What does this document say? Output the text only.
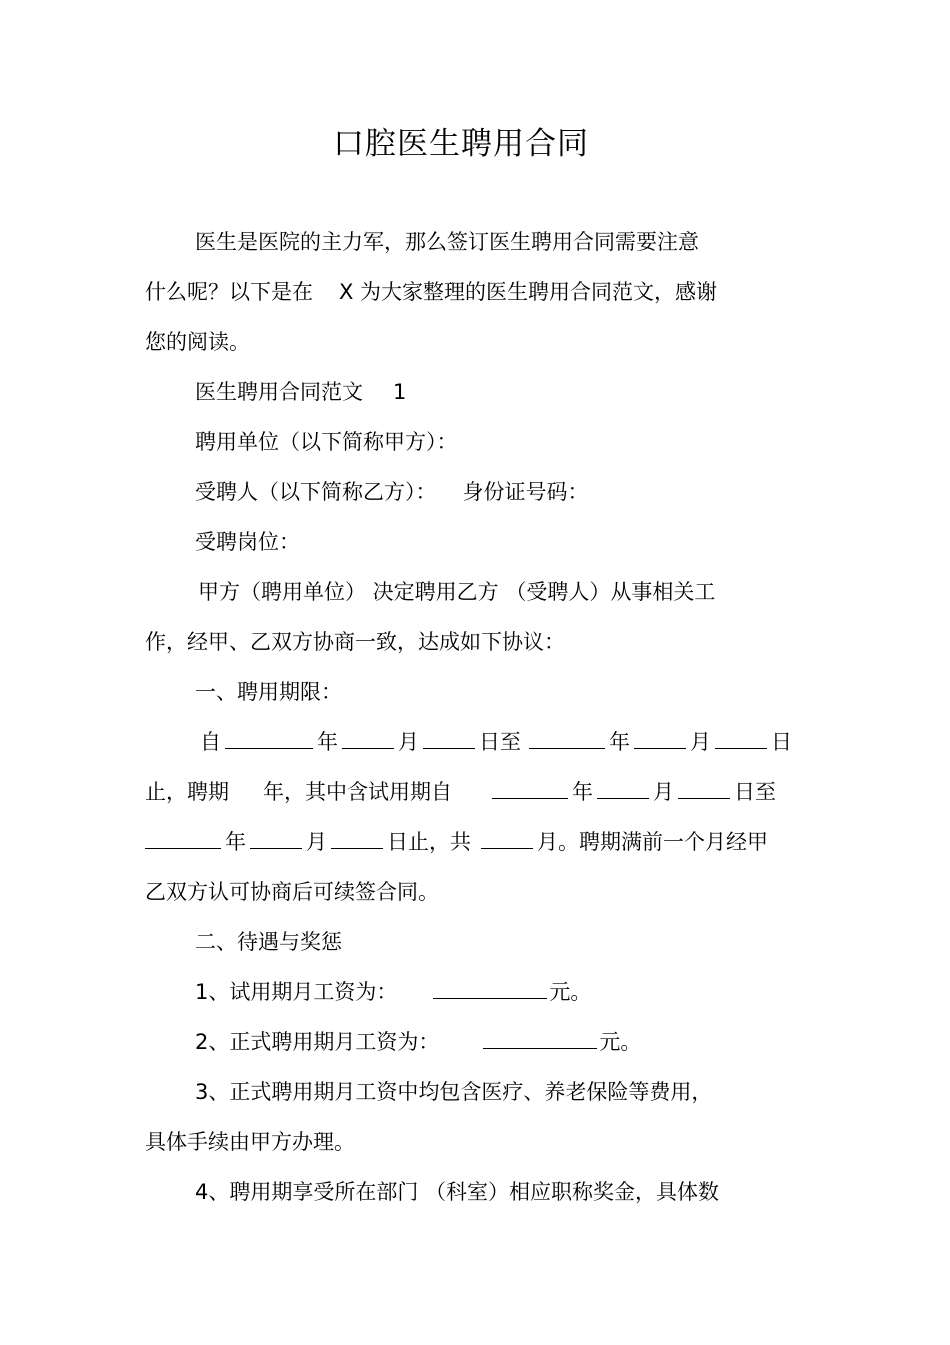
口腔医生聘用合同
医生是医院的主力军，那么签订医生聘用合同需要注意
什么呢？以下是在 X 为大家整理的医生聘用合同范文，感谢
您的阅读。
医生聘用合同范文 1
聘用单位（以下简称甲方）：
受聘人（以下简称乙方）： 身份证号码：
受聘岗位：
甲方（聘用单位） 决定聘用乙方 （受聘人）从事相关工
作，经甲、乙双方协商一致，达成如下协议：
一、聘用期限：
自	年	月	日至	年	月	日
止，聘期 年，其中含试用期自	年	月	日至
年	月	日止，共	月。聘期满前一个月经甲
乙双方认可协商后可续签合同。
二、待遇与奖惩
1、试用期月工资为：	元。
2、正式聘用期月工资为：	元。
3、正式聘用期月工资中均包含医疗、养老保险等费用，
具体手续由甲方办理。
4、聘用期享受所在部门 （科室）相应职称奖金，具体数
